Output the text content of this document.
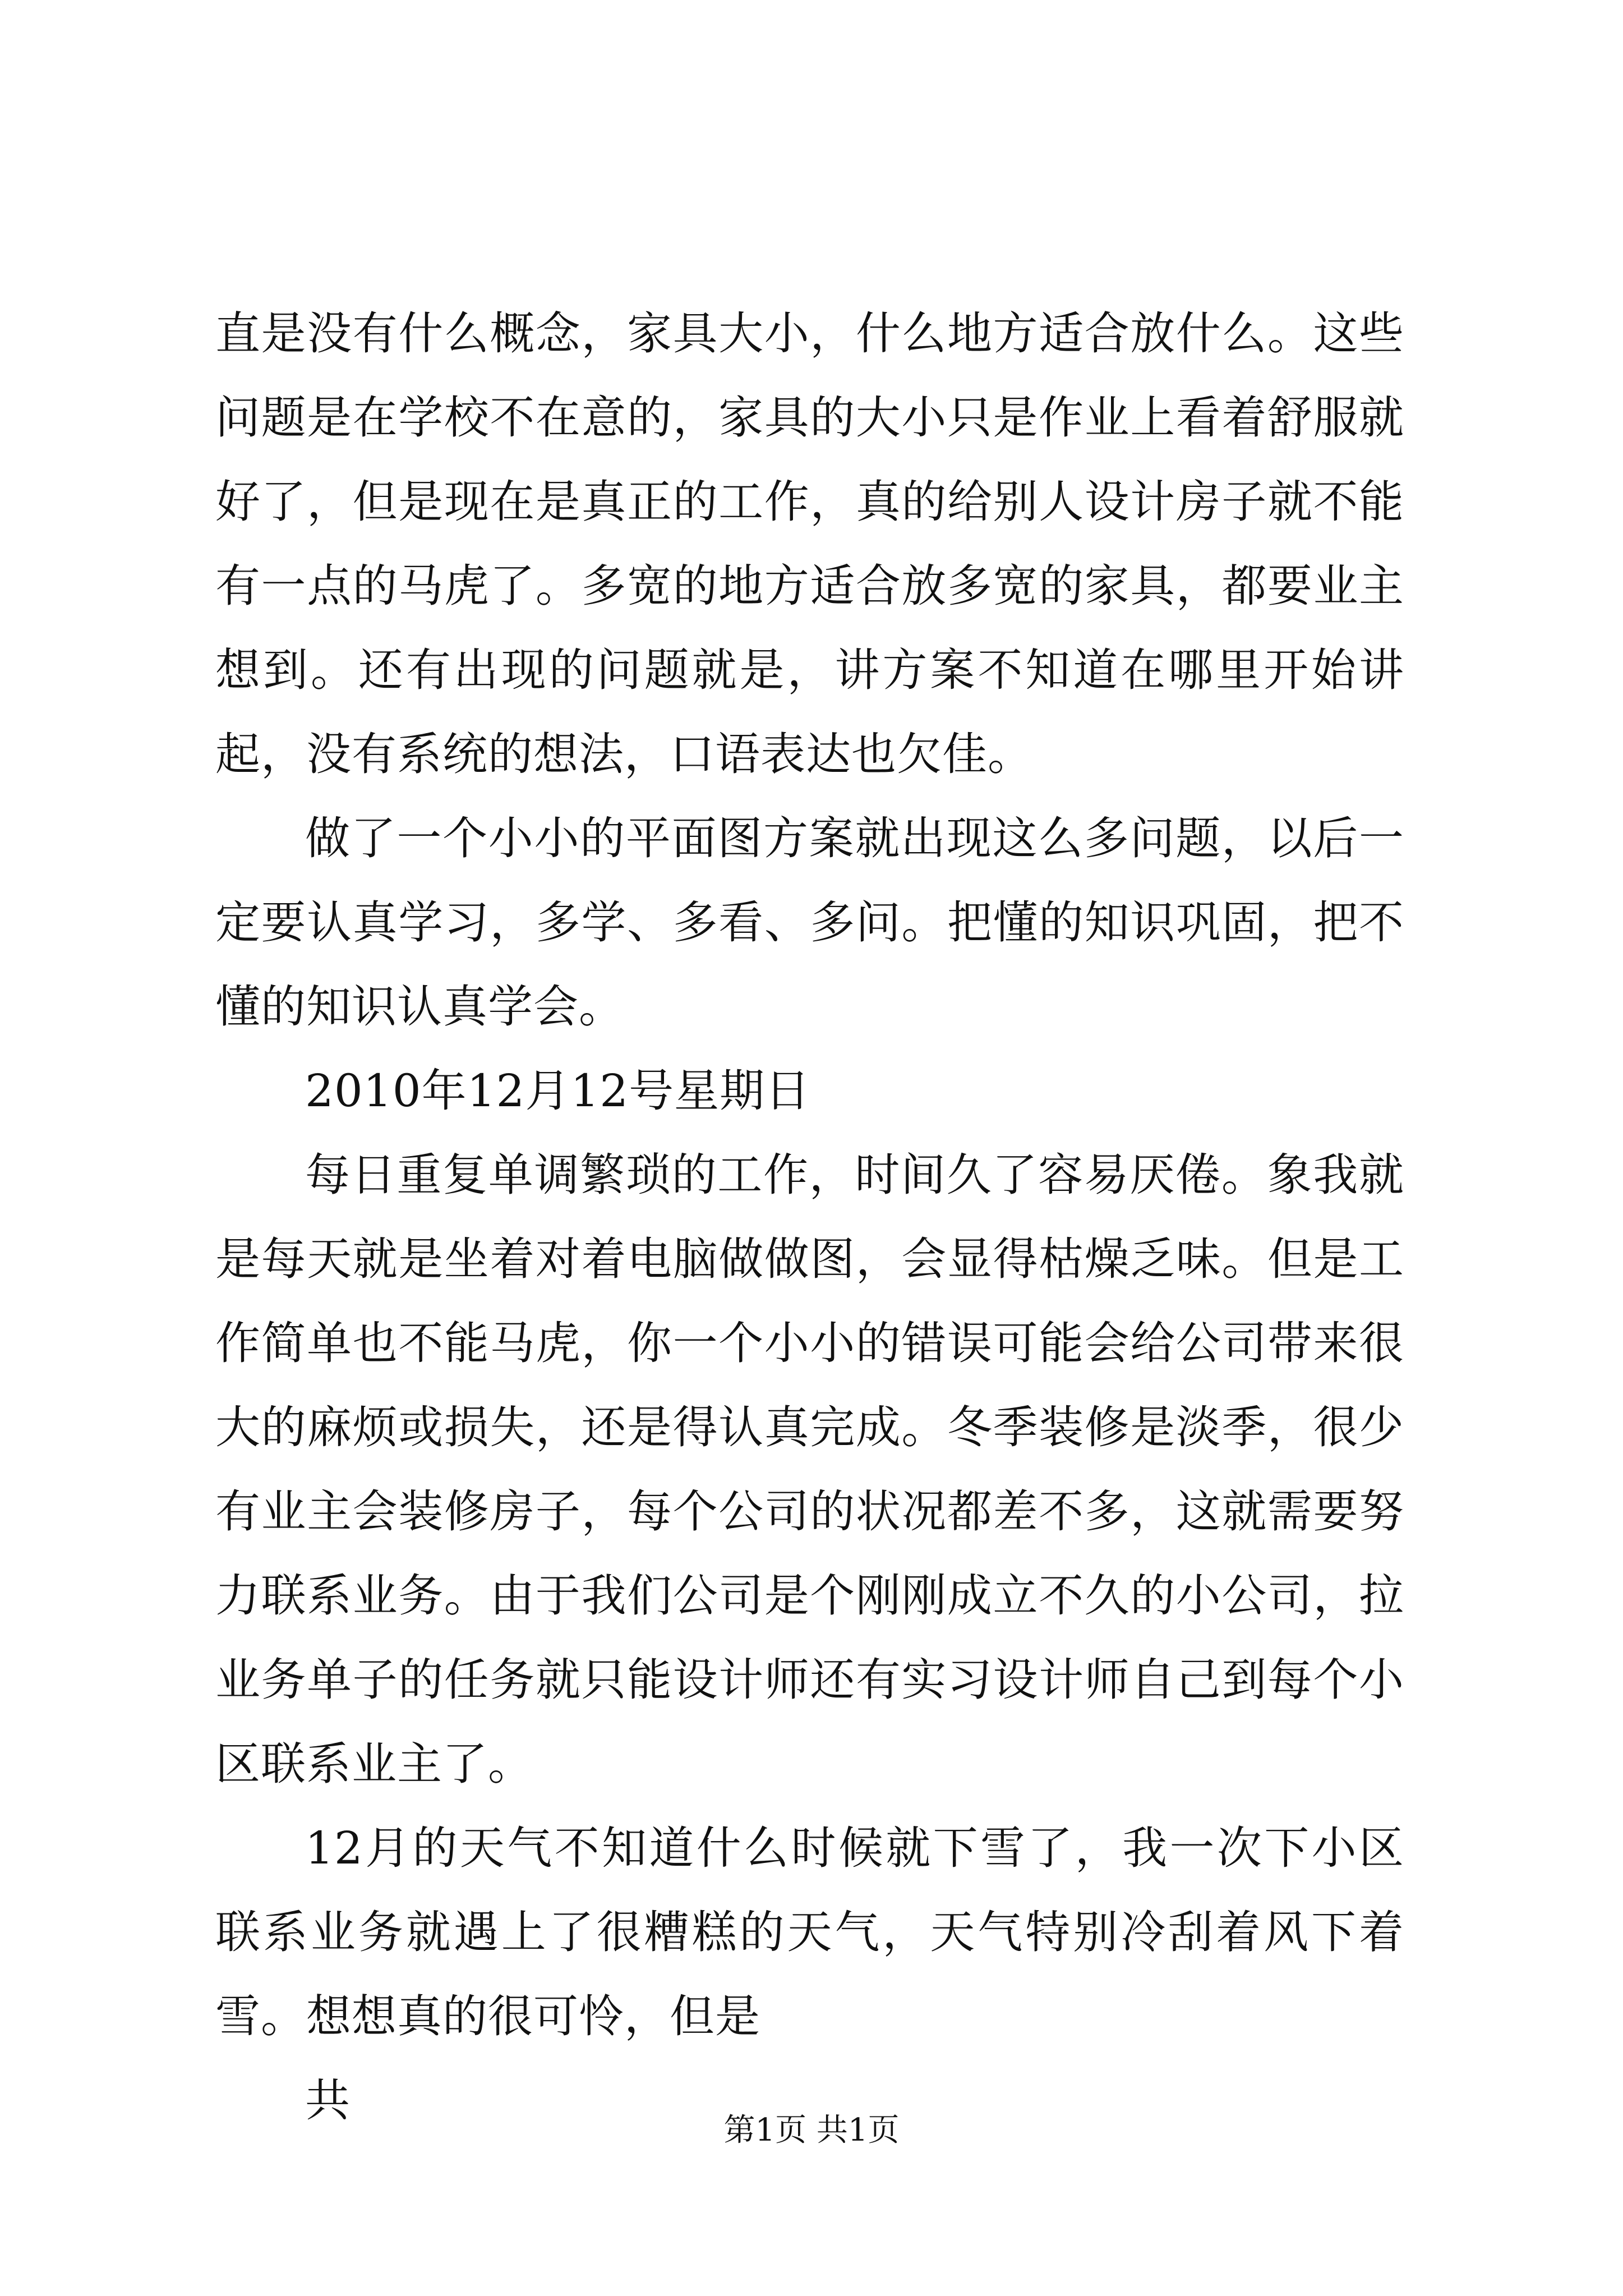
直是没有什么概念，家具大小，什么地方适合放什么。这些问题是在学校不在意的，家具的大小只是作业上看着舒服就好了，但是现在是真正的工作，真的给别人设计房子就不能有一点的马虎了。多宽的地方适合放多宽的家具，都要业主想到。还有出现的问题就是，讲方案不知道在哪里开始讲起，没有系统的想法，口语表达也欠佳。

做了一个小小的平面图方案就出现这么多问题，以后一定要认真学习，多学、多看、多问。把懂的知识巩固，把不懂的知识认真学会。

2010年12月12号星期日

每日重复单调繁琐的工作，时间久了容易厌倦。象我就是每天就是坐着对着电脑做做图，会显得枯燥乏味。但是工作简单也不能马虎，你一个小小的错误可能会给公司带来很大的麻烦或损失，还是得认真完成。冬季装修是淡季，很少有业主会装修房子，每个公司的状况都差不多，这就需要努力联系业务。由于我们公司是个刚刚成立不久的小公司，拉业务单子的任务就只能设计师还有实习设计师自己到每个小区联系业主了。

12月的天气不知道什么时候就下雪了，我一次下小区联系业务就遇上了很糟糕的天气，天气特别冷刮着风下着雪。想想真的很可怜，但是

共

第1页 共1页
